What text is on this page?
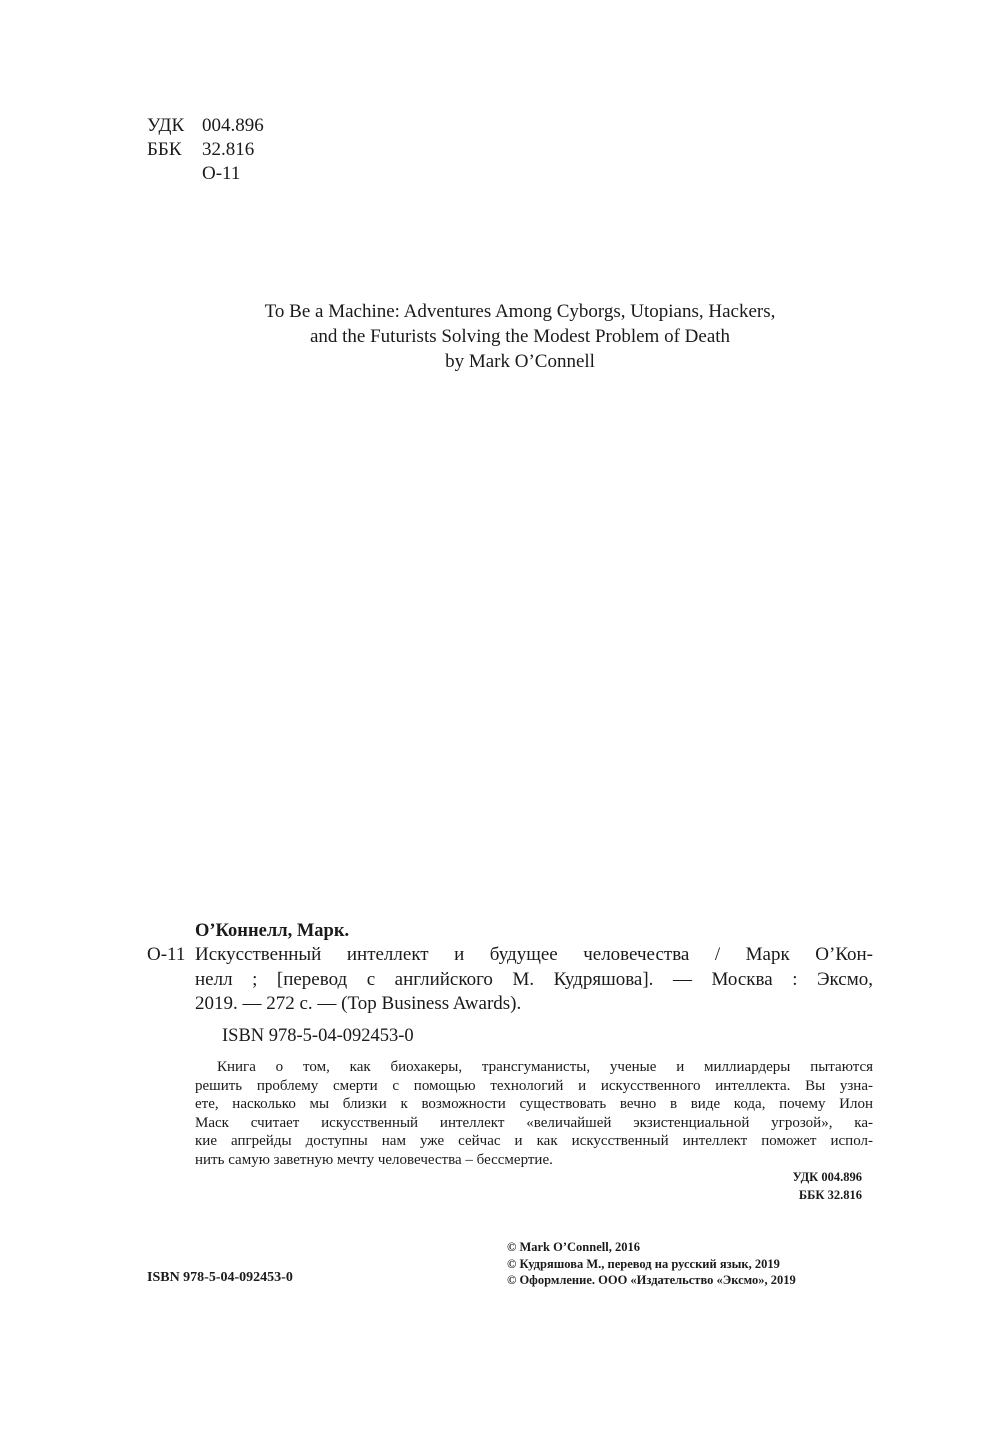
УДК 004.896
ББК	32.816
О-11
To Be a Machine: Adventures Among Cyborgs, Utopians, Hackers,
and the Futurists Solving the Modest Problem of Death
by Mark O’Connell
О’Коннелл, Марк.
О-11 Искусственный интеллект и будущее человечества / Марк О’Кон-
нелл ; [перевод с английского М. Кудряшова]. — Москва : Эксмо,
2019. — 272 с. — (Top Business Awards).
ISBN 978-5-04-092453-0
Книга о том, как биохакеры, трансгуманисты, ученые и миллиардеры пытаются
решить проблему смерти с помощью технологий и искусственного интеллекта. Вы узна-
ете, насколько мы близки к возможности существовать вечно в виде кода, почему Илон
Маск считает искусственный интеллект «величайшей экзистенциальной угрозой», ка-
кие апгрейды доступны нам уже сейчас и как искусственный интеллект поможет испол-
нить самую заветную мечту человечества – бессмертие.
УДК 004.896
ББК 32.816
ISBN 978-5-04-092453-0
© Mark O’Connell, 2016
© Кудряшова М., перевод на русский язык, 2019
© Оформление. ООО «Издательство «Эксмо», 2019
